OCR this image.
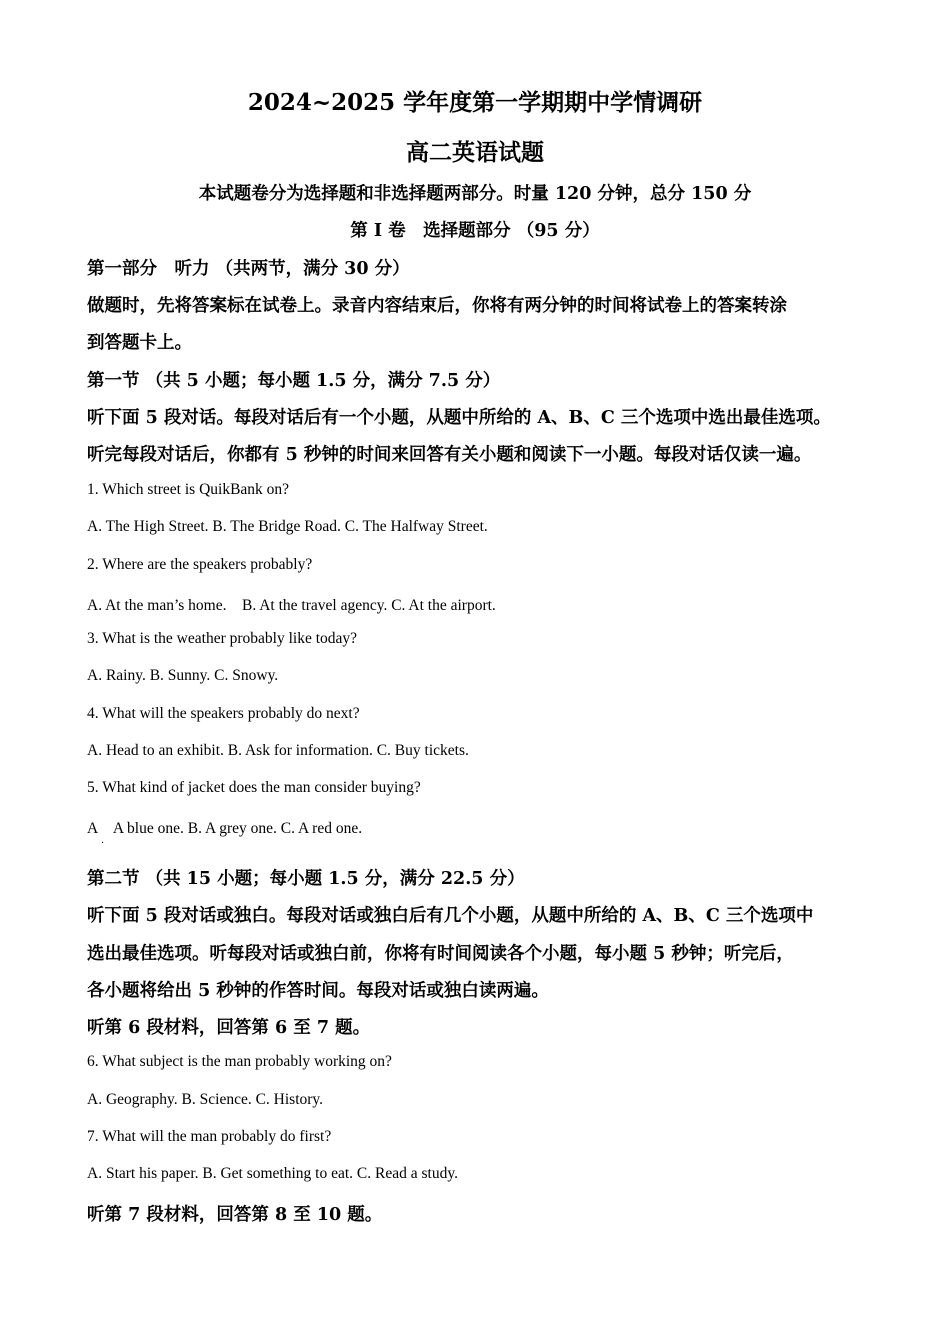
2024~2025 学年度第一学期期中学情调研
高二英语试题
本试题卷分为选择题和非选择题两部分。时量 120 分钟，总分 150 分
第 I 卷　选择题部分 （95 分）
第一部分　听力 （共两节，满分 30 分）
做题时，先将答案标在试卷上。录音内容结束后，你将有两分钟的时间将试卷上的答案转涂
到答题卡上。
第一节 （共 5 小题；每小题 1.5 分，满分 7.5 分）
听下面 5 段对话。每段对话后有一个小题，从题中所给的 A、B、C 三个选项中选出最佳选项。
听完每段对话后，你都有 5 秒钟的时间来回答有关小题和阅读下一小题。每段对话仅读一遍。
1. Which street is QuikBank on?
A. The High Street. B. The Bridge Road. C. The Halfway Street.
2. Where are the speakers probably?
A. At the man’s home.　B. At the travel agency. C. At the airport.
3. What is the weather probably like today?
A. Rainy. B. Sunny. C. Snowy.
4. What will the speakers probably do next?
A. Head to an exhibit. B. Ask for information. C. Buy tickets.
5. What kind of jacket does the man consider buying?
A　A blue one. B. A grey one. C. A red one.
·
第二节 （共 15 小题；每小题 1.5 分，满分 22.5 分）
听下面 5 段对话或独白。每段对话或独白后有几个小题，从题中所给的 A、B、C 三个选项中
选出最佳选项。听每段对话或独白前，你将有时间阅读各个小题，每小题 5 秒钟；听完后，
各小题将给出 5 秒钟的作答时间。每段对话或独白读两遍。
听第 6 段材料，回答第 6 至 7 题。
6. What subject is the man probably working on?
A. Geography. B. Science. C. History.
7. What will the man probably do first?
A. Start his paper. B. Get something to eat. C. Read a study.
听第 7 段材料，回答第 8 至 10 题。
